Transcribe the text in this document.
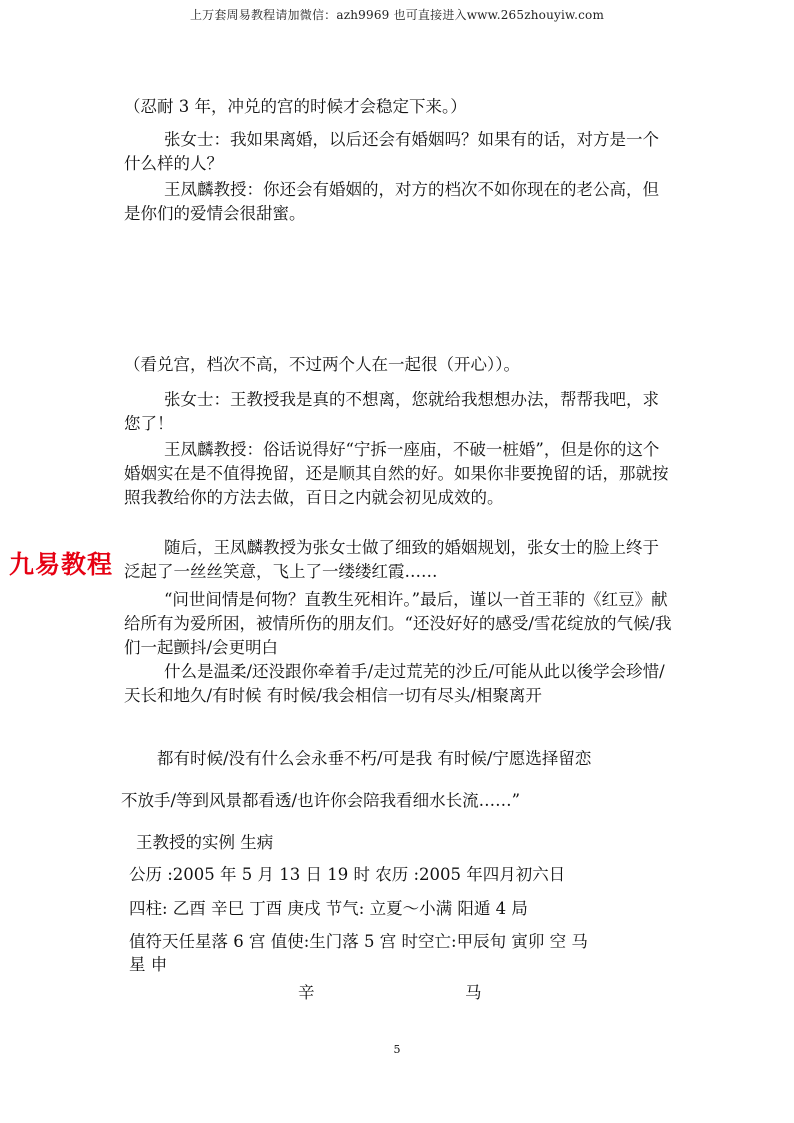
上万套周易教程请加微信：azh9969 也可直接进入www.265zhouyiw.com

（忍耐 3 年，冲兑的宫的时候才会稳定下来。）

张女士：我如果离婚，以后还会有婚姻吗？如果有的话，对方是一个什么样的人？

王凤麟教授：你还会有婚姻的，对方的档次不如你现在的老公高，但是你们的爱情会很甜蜜。

（看兑宫，档次不高，不过两个人在一起很（开心））。

张女士：王教授我是真的不想离，您就给我想想办法，帮帮我吧，求您了！

王凤麟教授：俗话说得好“宁拆一座庙，不破一桩婚”，但是你的这个婚姻实在是不值得挽留，还是顺其自然的好。如果你非要挽留的话，那就按照我教给你的方法去做，百日之内就会初见成效的。

随后，王凤麟教授为张女士做了细致的婚姻规划，张女士的脸上终于泛起了一丝丝笑意，飞上了一缕缕红霞……

“问世间情是何物？直教生死相许。”最后，谨以一首王菲的《红豆》献给所有为爱所困，被情所伤的朋友们。“还没好好的感受/雪花绽放的气候/我们一起颤抖/会更明白

什么是温柔/还没跟你牵着手/走过荒芜的沙丘/可能从此以後学会珍惜/天长和地久/有时候 有时候/我会相信一切有尽头/相聚离开

都有时候/没有什么会永垂不朽/可是我 有时候/宁愿选择留恋

不放手/等到风景都看透/也许你会陪我看细水长流……”

王教授的实例 生病

公历 :2005 年 5 月 13 日 19 时 农历 :2005 年四月初六日

四柱: 乙酉 辛巳 丁酉 庚戌 节气: 立夏～小满 阳遁 4 局

值符天任星落 6 宫 值使:生门落 5 宫 时空亡:甲辰旬 寅卯 空 马

星 申

辛	马

九易教程
5
